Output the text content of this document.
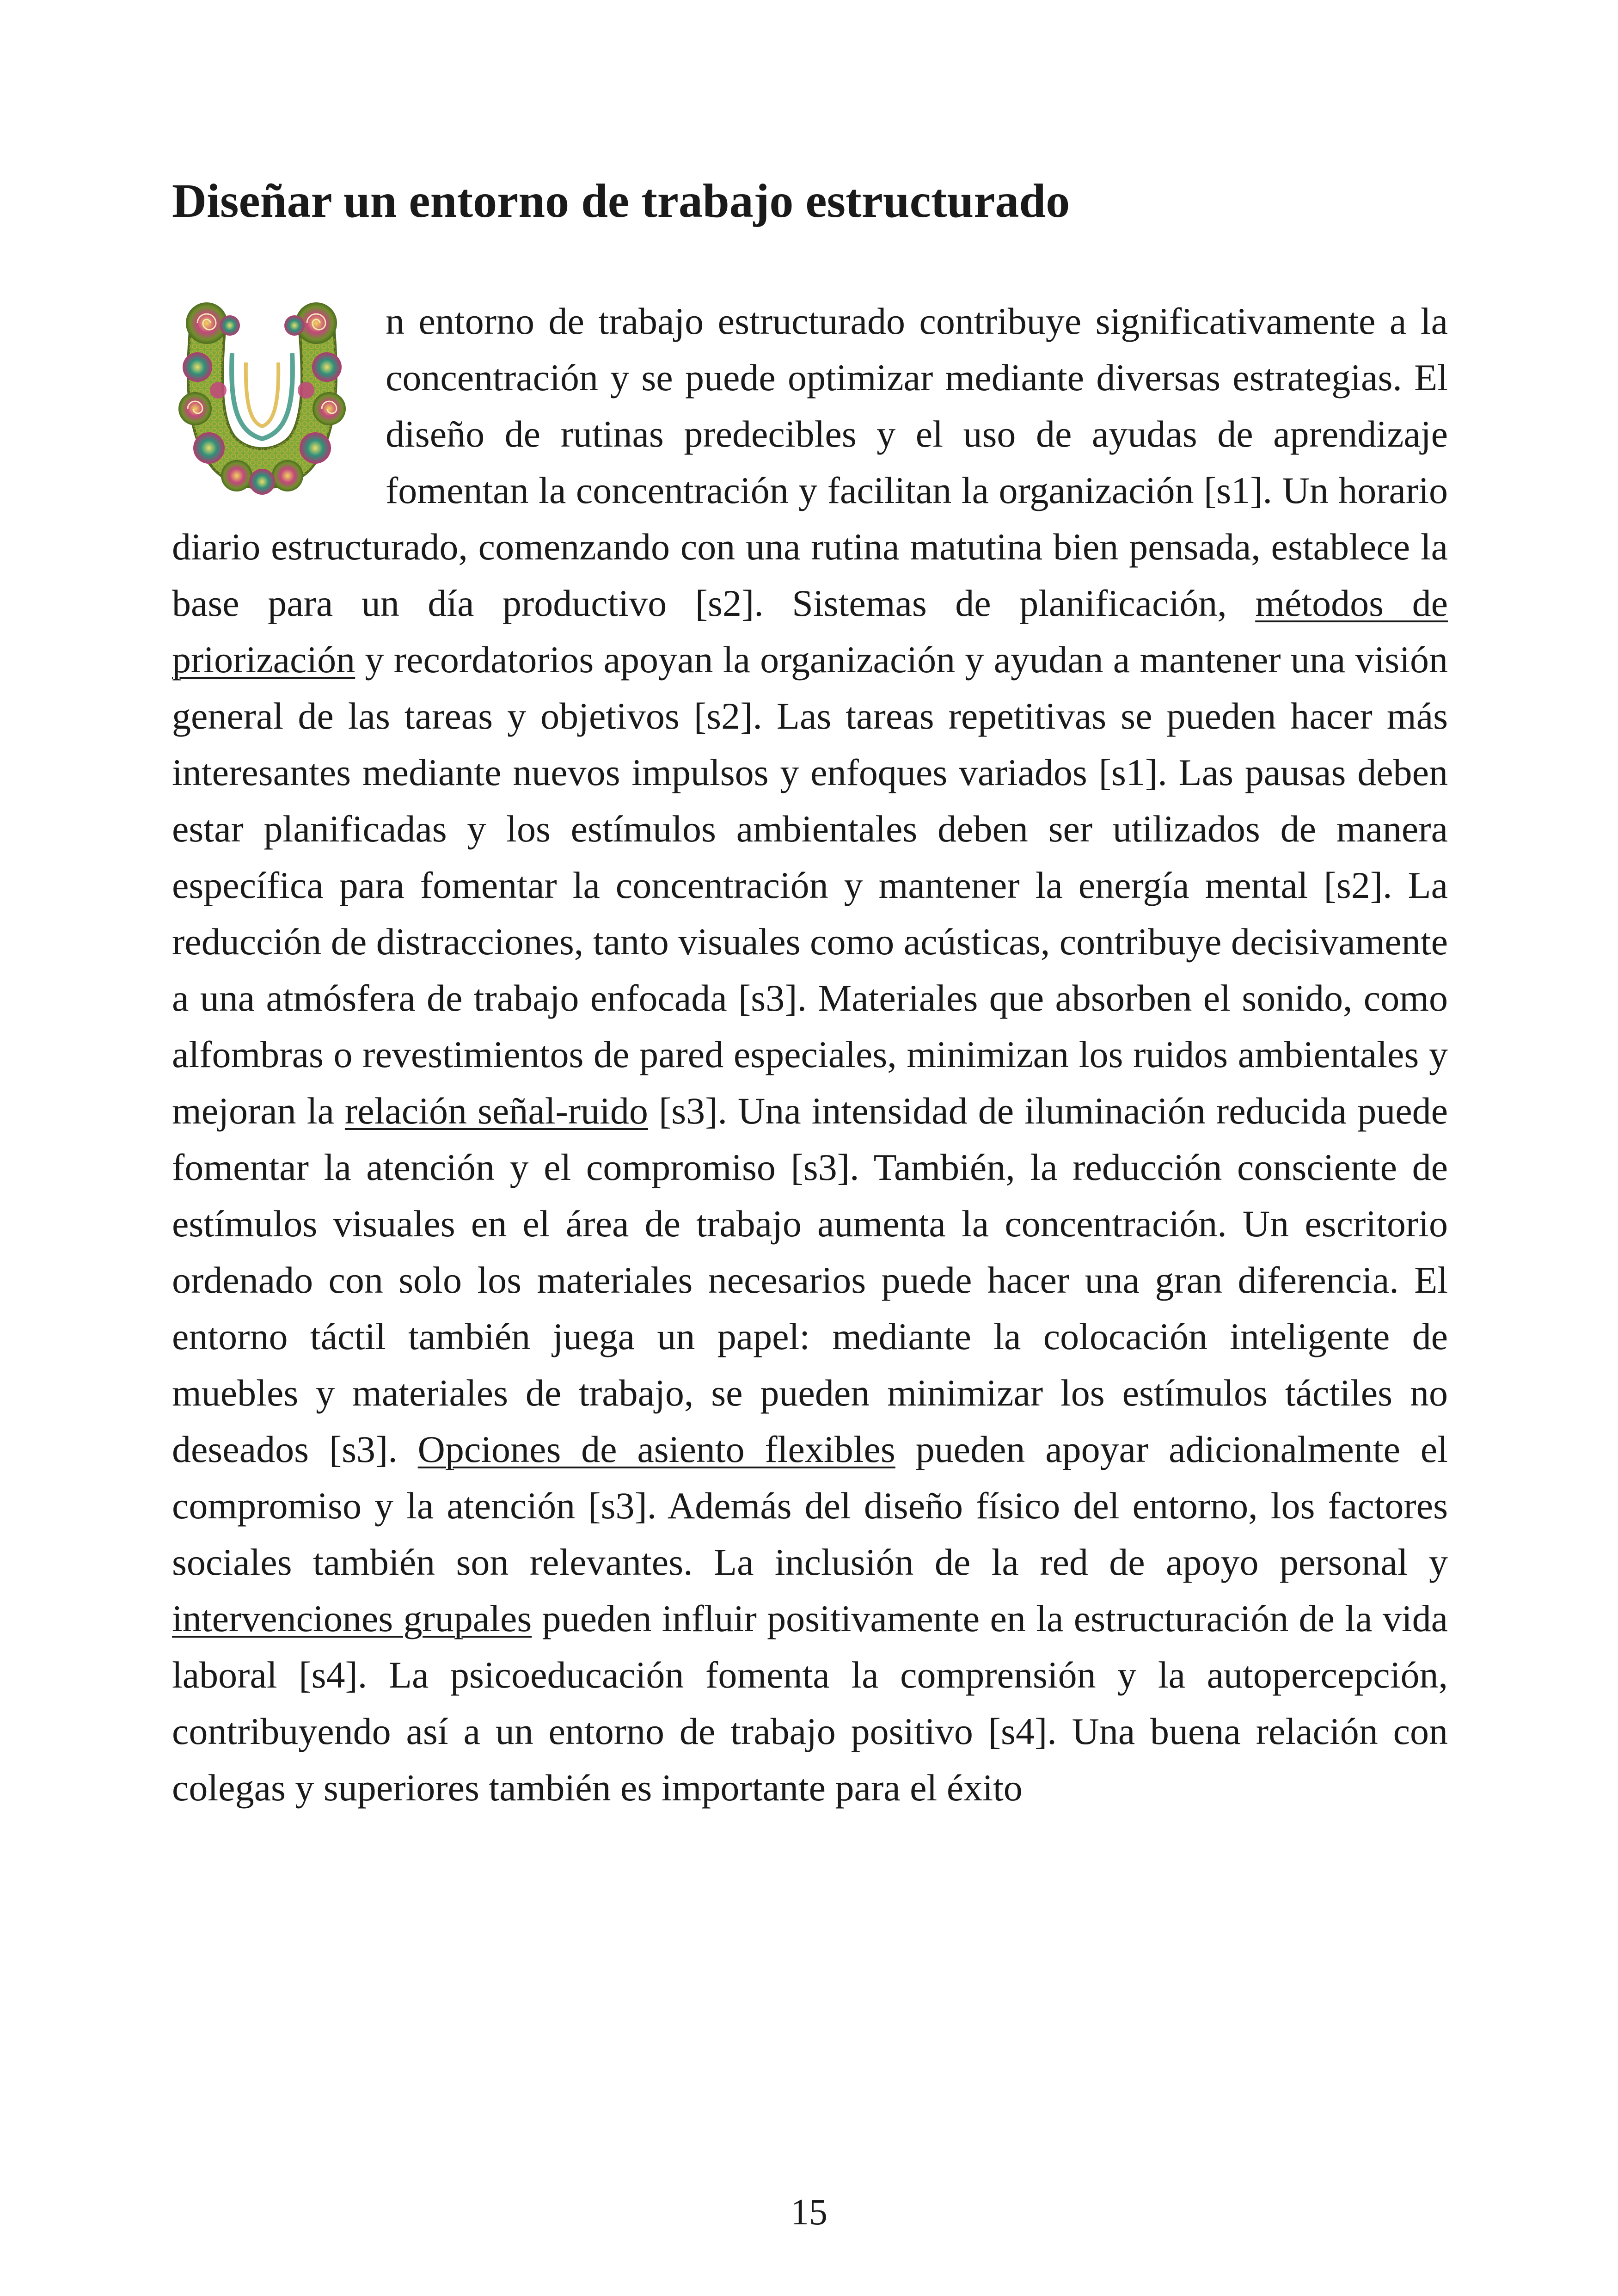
Diseñar un entorno de trabajo estructurado

n entorno de trabajo estructurado contribuye significativamente a la concentración y se puede optimizar mediante diversas estrategias. El diseño de rutinas predecibles y el uso de ayudas de aprendizaje fomentan la concentración y facilitan la organización [s1]. Un horario diario estructurado, comenzando con una rutina matutina bien pensada, establece la base para un día productivo [s2]. Sistemas de planificación, métodos de priorización y recordatorios apoyan la organización y ayudan a mantener una visión general de las tareas y objetivos [s2]. Las tareas repetitivas se pueden hacer más interesantes mediante nuevos impulsos y enfoques variados [s1]. Las pausas deben estar planificadas y los estímulos ambientales deben ser utilizados de manera específica para fomentar la concentración y mantener la energía mental [s2]. La reducción de distracciones, tanto visuales como acústicas, contribuye decisivamente a una atmósfera de trabajo enfocada [s3]. Materiales que absorben el sonido, como alfombras o revestimientos de pared especiales, minimizan los ruidos ambientales y mejoran la relación señal-ruido [s3]. Una intensidad de iluminación reducida puede fomentar la atención y el compromiso [s3]. También, la reducción consciente de estímulos visuales en el área de trabajo aumenta la concentración. Un escritorio ordenado con solo los materiales necesarios puede hacer una gran diferencia. El entorno táctil también juega un papel: mediante la colocación inteligente de muebles y materiales de trabajo, se pueden minimizar los estímulos táctiles no deseados [s3]. Opciones de asiento flexibles pueden apoyar adicionalmente el compromiso y la atención [s3]. Además del diseño físico del entorno, los factores sociales también son relevantes. La inclusión de la red de apoyo personal y intervenciones grupales pueden influir positivamente en la estructuración de la vida laboral [s4]. La psicoeducación fomenta la comprensión y la autopercepción, contribuyendo así a un entorno de trabajo positivo [s4]. Una buena relación con colegas y superiores también es importante para el éxito

15
